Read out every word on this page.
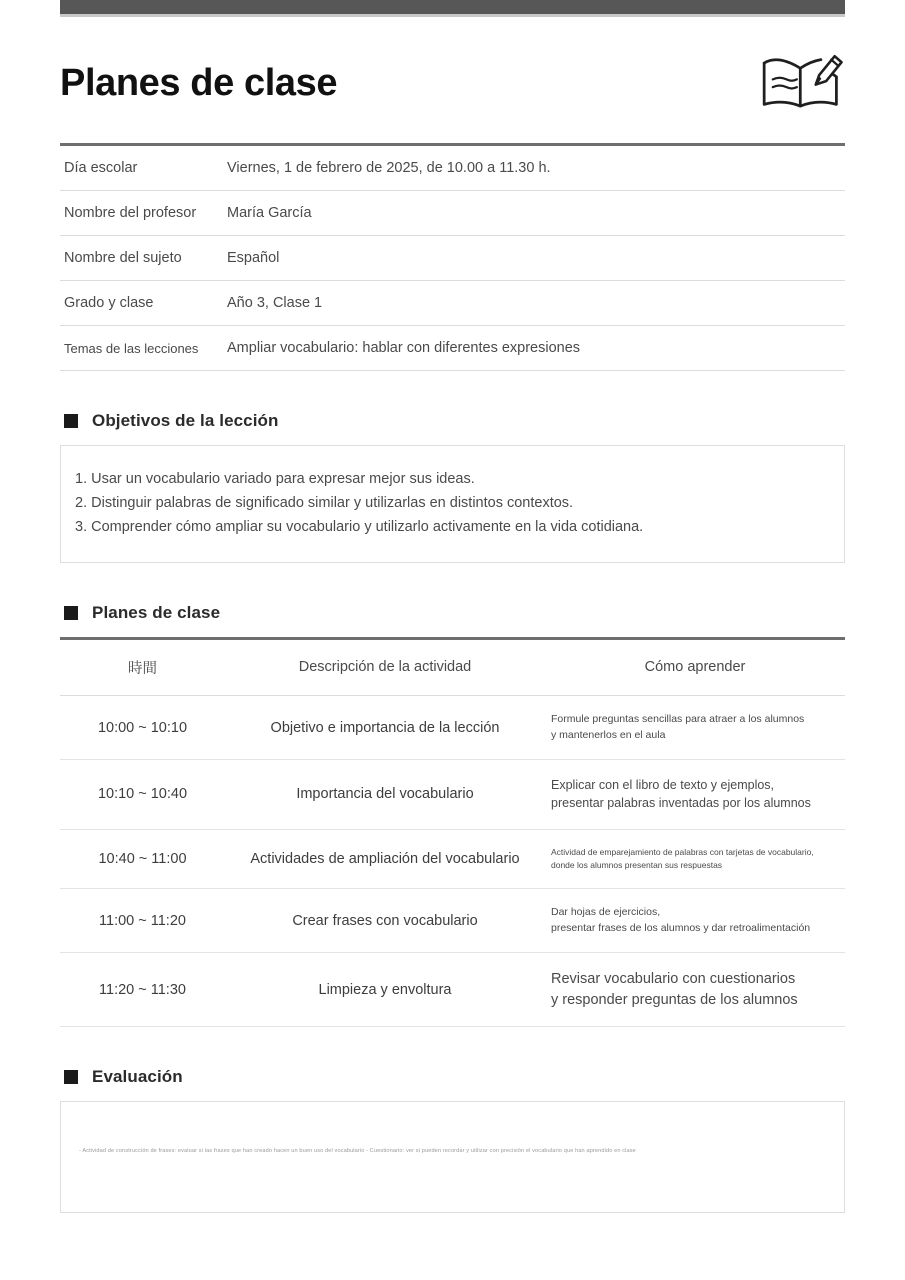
Planes de clase
Día escolar	Viernes, 1 de febrero de 2025, de 10.00 a 11.30 h.
Nombre del profesor	María García
Nombre del sujeto	Español
Grado y clase	Año 3, Clase 1
Temas de las lecciones	Ampliar vocabulario: hablar con diferentes expresiones
Objetivos de la lección
1. Usar un vocabulario variado para expresar mejor sus ideas.
2. Distinguir palabras de significado similar y utilizarlas en distintos contextos.
3. Comprender cómo ampliar su vocabulario y utilizarlo activamente en la vida cotidiana.
Planes de clase
時間	Descripción de la actividad	Cómo aprender
10:00 ~ 10:10	Objetivo e importancia de la lección	Formule preguntas sencillas para atraer a los alumnos
y mantenerlos en el aula

10:10 ~ 10:40	Importancia del vocabulario	Explicar con el libro de texto y ejemplos,
presentar palabras inventadas por los alumnos

10:40 ~ 11:00	Actividades de ampliación del vocabulario	Actividad de emparejamiento de palabras con tarjetas de vocabulario,
donde los alumnos presentan sus respuestas

11:00 ~ 11:20	Crear frases con vocabulario	Dar hojas de ejercicios,
presentar frases de los alumnos y dar retroalimentación

11:20 ~ 11:30	Limpieza y envoltura	Revisar vocabulario con cuestionarios
y responder preguntas de los alumnos
Evaluación
- Actividad de construcción de frases: evaluar si las frases que han creado hacen un buen uso del vocabulario - Cuestionario: ver si pueden recordar y utilizar con precisión el vocabulario que han aprendido en clase
